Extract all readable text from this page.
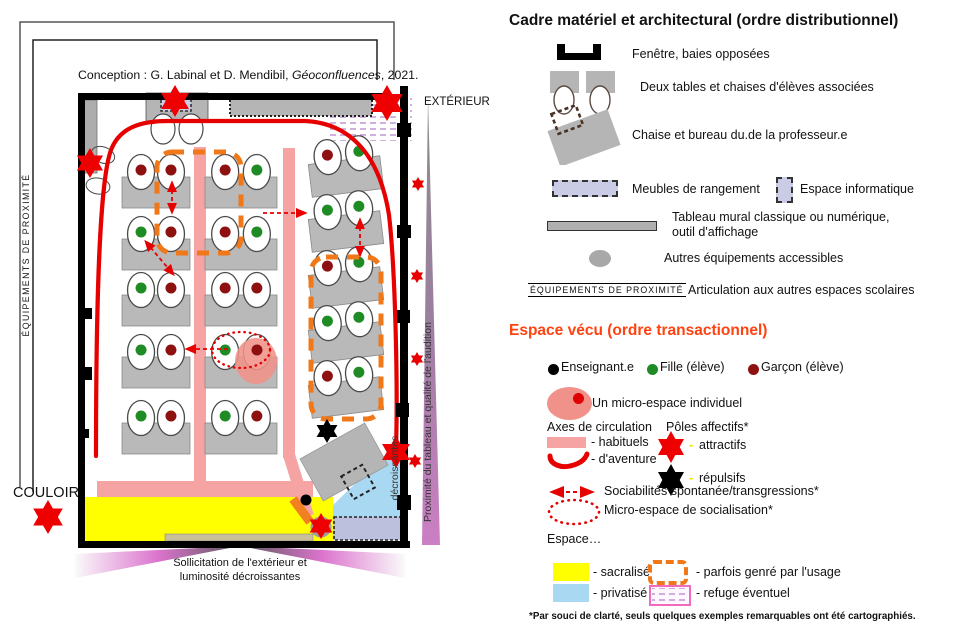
Conception : G. Labinal et D. Mendibil, Géoconfluences, 2021.
EXTÉRIEUR
COULOIR
ÉQUIPEMENTS DE PROXIMITÉ
Proximité du tableau et qualité de l'audition
décroissantes
Sollicitation de l'extérieur et
luminosité décroissantes
Cadre matériel et architectural (ordre distributionnel)
Fenêtre, baies opposées
Deux tables et chaises d'élèves associées
Chaise et bureau du.de la professeur.e
Meubles de rangement	Espace informatique
Tableau mural classique ou numérique,
outil d'affichage
Autres équipements accessibles
ÉQUIPEMENTS DE PROXIMITÉ Articulation aux autres espaces scolaires
Espace vécu (ordre transactionnel)
Enseignant.e Fille (élève)	Garçon (élève)
Un micro-espace individuel
Axes de circulation Pôles affectifs*
- habituels	- attractifs
- d'aventure
- répulsifs
Sociabilités spontanée/transgressions*
Micro-espace de socialisation*
Espace…
- sacralisé	- parfois genré par l'usage
- privatisé	- refuge éventuel
*Par souci de clarté, seuls quelques exemples remarquables ont été cartographiés.
